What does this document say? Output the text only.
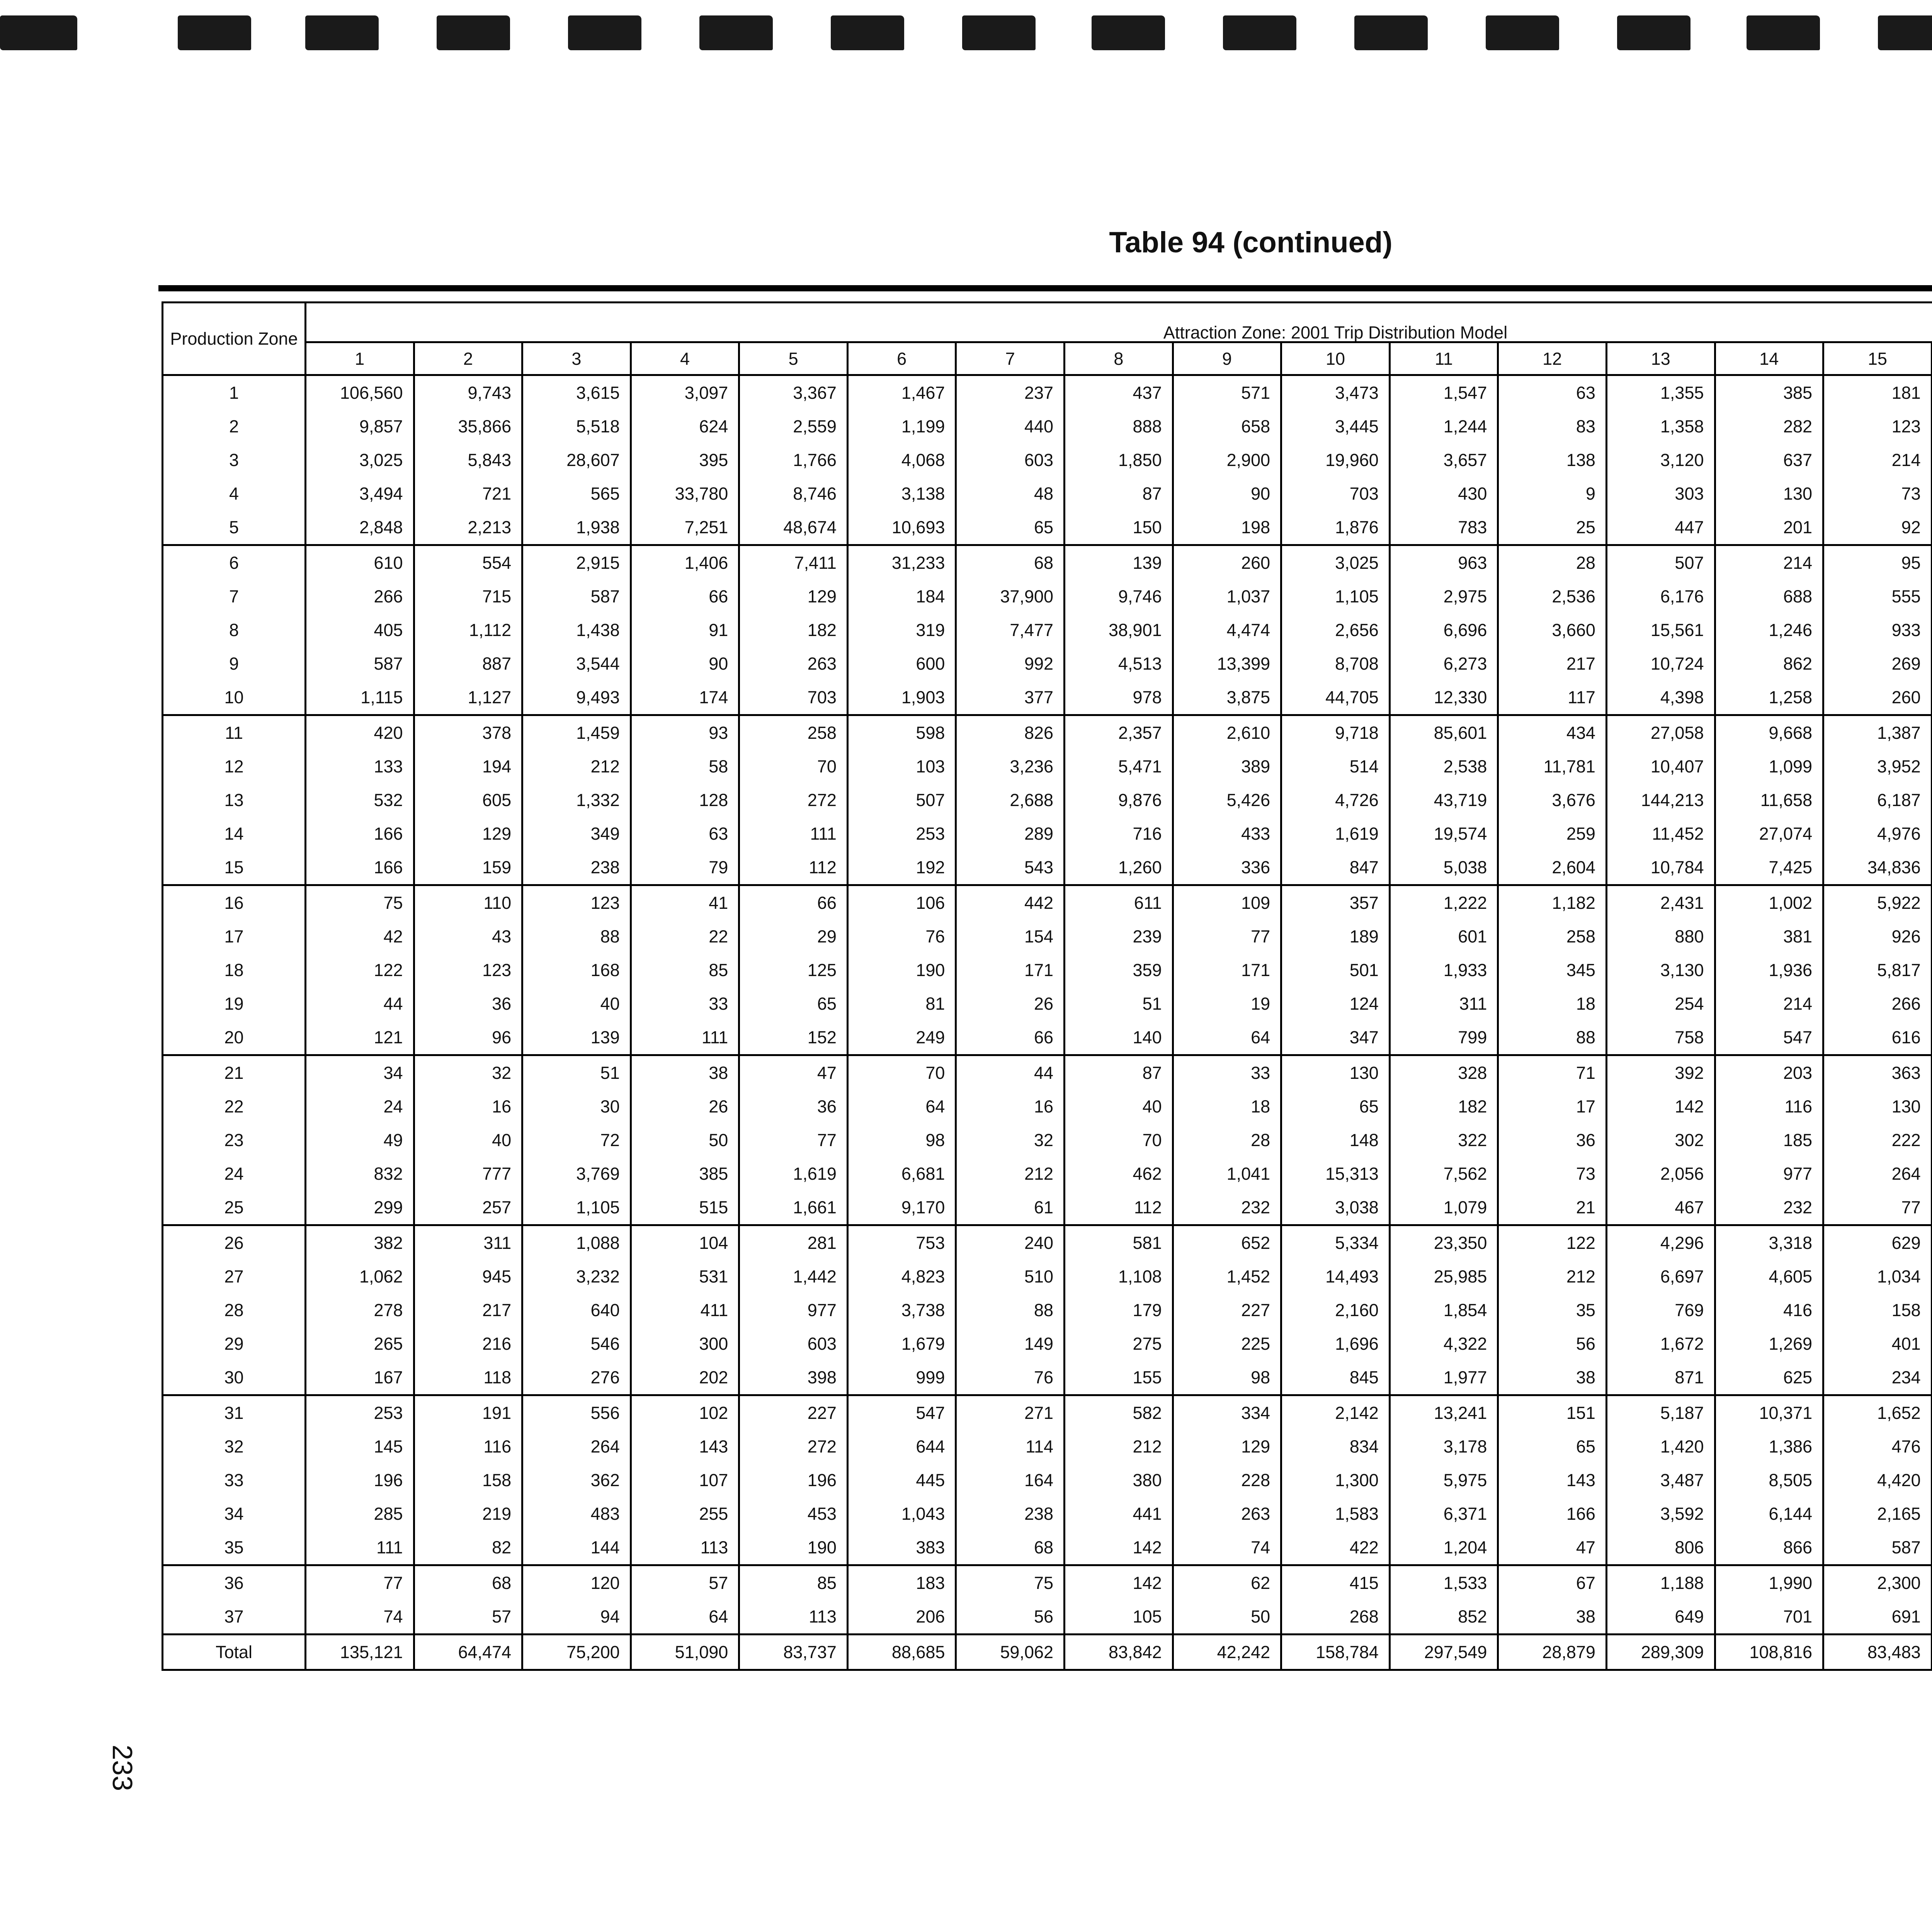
Table 94 (continued)
Production Zone	Attraction Zone: 2001 Trip Distribution Model																		
	1	2	3	4	5	6	7	8	9	10	11	12	13	14	15				
1	106,560	9,743	3,615	3,097	3,367	1,467	237	437	571	3,473	1,547	63	1,355	385	181				
2	9,857	35,866	5,518	624	2,559	1,199	440	888	658	3,445	1,244	83	1,358	282	123				
3	3,025	5,843	28,607	395	1,766	4,068	603	1,850	2,900	19,960	3,657	138	3,120	637	214				
4	3,494	721	565	33,780	8,746	3,138	48	87	90	703	430	9	303	130	73				
5	2,848	2,213	1,938	7,251	48,674	10,693	65	150	198	1,876	783	25	447	201	92				
6	610	554	2,915	1,406	7,411	31,233	68	139	260	3,025	963	28	507	214	95				
7	266	715	587	66	129	184	37,900	9,746	1,037	1,105	2,975	2,536	6,176	688	555				
8	405	1,112	1,438	91	182	319	7,477	38,901	4,474	2,656	6,696	3,660	15,561	1,246	933				
9	587	887	3,544	90	263	600	992	4,513	13,399	8,708	6,273	217	10,724	862	269				
10	1,115	1,127	9,493	174	703	1,903	377	978	3,875	44,705	12,330	117	4,398	1,258	260				
11	420	378	1,459	93	258	598	826	2,357	2,610	9,718	85,601	434	27,058	9,668	1,387				
12	133	194	212	58	70	103	3,236	5,471	389	514	2,538	11,781	10,407	1,099	3,952				
13	532	605	1,332	128	272	507	2,688	9,876	5,426	4,726	43,719	3,676	144,213	11,658	6,187				
14	166	129	349	63	111	253	289	716	433	1,619	19,574	259	11,452	27,074	4,976				
15	166	159	238	79	112	192	543	1,260	336	847	5,038	2,604	10,784	7,425	34,836				
16	75	110	123	41	66	106	442	611	109	357	1,222	1,182	2,431	1,002	5,922				
17	42	43	88	22	29	76	154	239	77	189	601	258	880	381	926				
18	122	123	168	85	125	190	171	359	171	501	1,933	345	3,130	1,936	5,817				
19	44	36	40	33	65	81	26	51	19	124	311	18	254	214	266				
20	121	96	139	111	152	249	66	140	64	347	799	88	758	547	616				
21	34	32	51	38	47	70	44	87	33	130	328	71	392	203	363				
22	24	16	30	26	36	64	16	40	18	65	182	17	142	116	130				
23	49	40	72	50	77	98	32	70	28	148	322	36	302	185	222				
24	832	777	3,769	385	1,619	6,681	212	462	1,041	15,313	7,562	73	2,056	977	264				
25	299	257	1,105	515	1,661	9,170	61	112	232	3,038	1,079	21	467	232	77				
26	382	311	1,088	104	281	753	240	581	652	5,334	23,350	122	4,296	3,318	629				
27	1,062	945	3,232	531	1,442	4,823	510	1,108	1,452	14,493	25,985	212	6,697	4,605	1,034				
28	278	217	640	411	977	3,738	88	179	227	2,160	1,854	35	769	416	158				
29	265	216	546	300	603	1,679	149	275	225	1,696	4,322	56	1,672	1,269	401				
30	167	118	276	202	398	999	76	155	98	845	1,977	38	871	625	234				
31	253	191	556	102	227	547	271	582	334	2,142	13,241	151	5,187	10,371	1,652				
32	145	116	264	143	272	644	114	212	129	834	3,178	65	1,420	1,386	476				
33	196	158	362	107	196	445	164	380	228	1,300	5,975	143	3,487	8,505	4,420				
34	285	219	483	255	453	1,043	238	441	263	1,583	6,371	166	3,592	6,144	2,165				
35	111	82	144	113	190	383	68	142	74	422	1,204	47	806	866	587				
36	77	68	120	57	85	183	75	142	62	415	1,533	67	1,188	1,990	2,300				
37	74	57	94	64	113	206	56	105	50	268	852	38	649	701	691				
Total	135,121	64,474	75,200	51,090	83,737	88,685	59,062	83,842	42,242	158,784	297,549	28,879	289,309	108,816	83,483				
233
